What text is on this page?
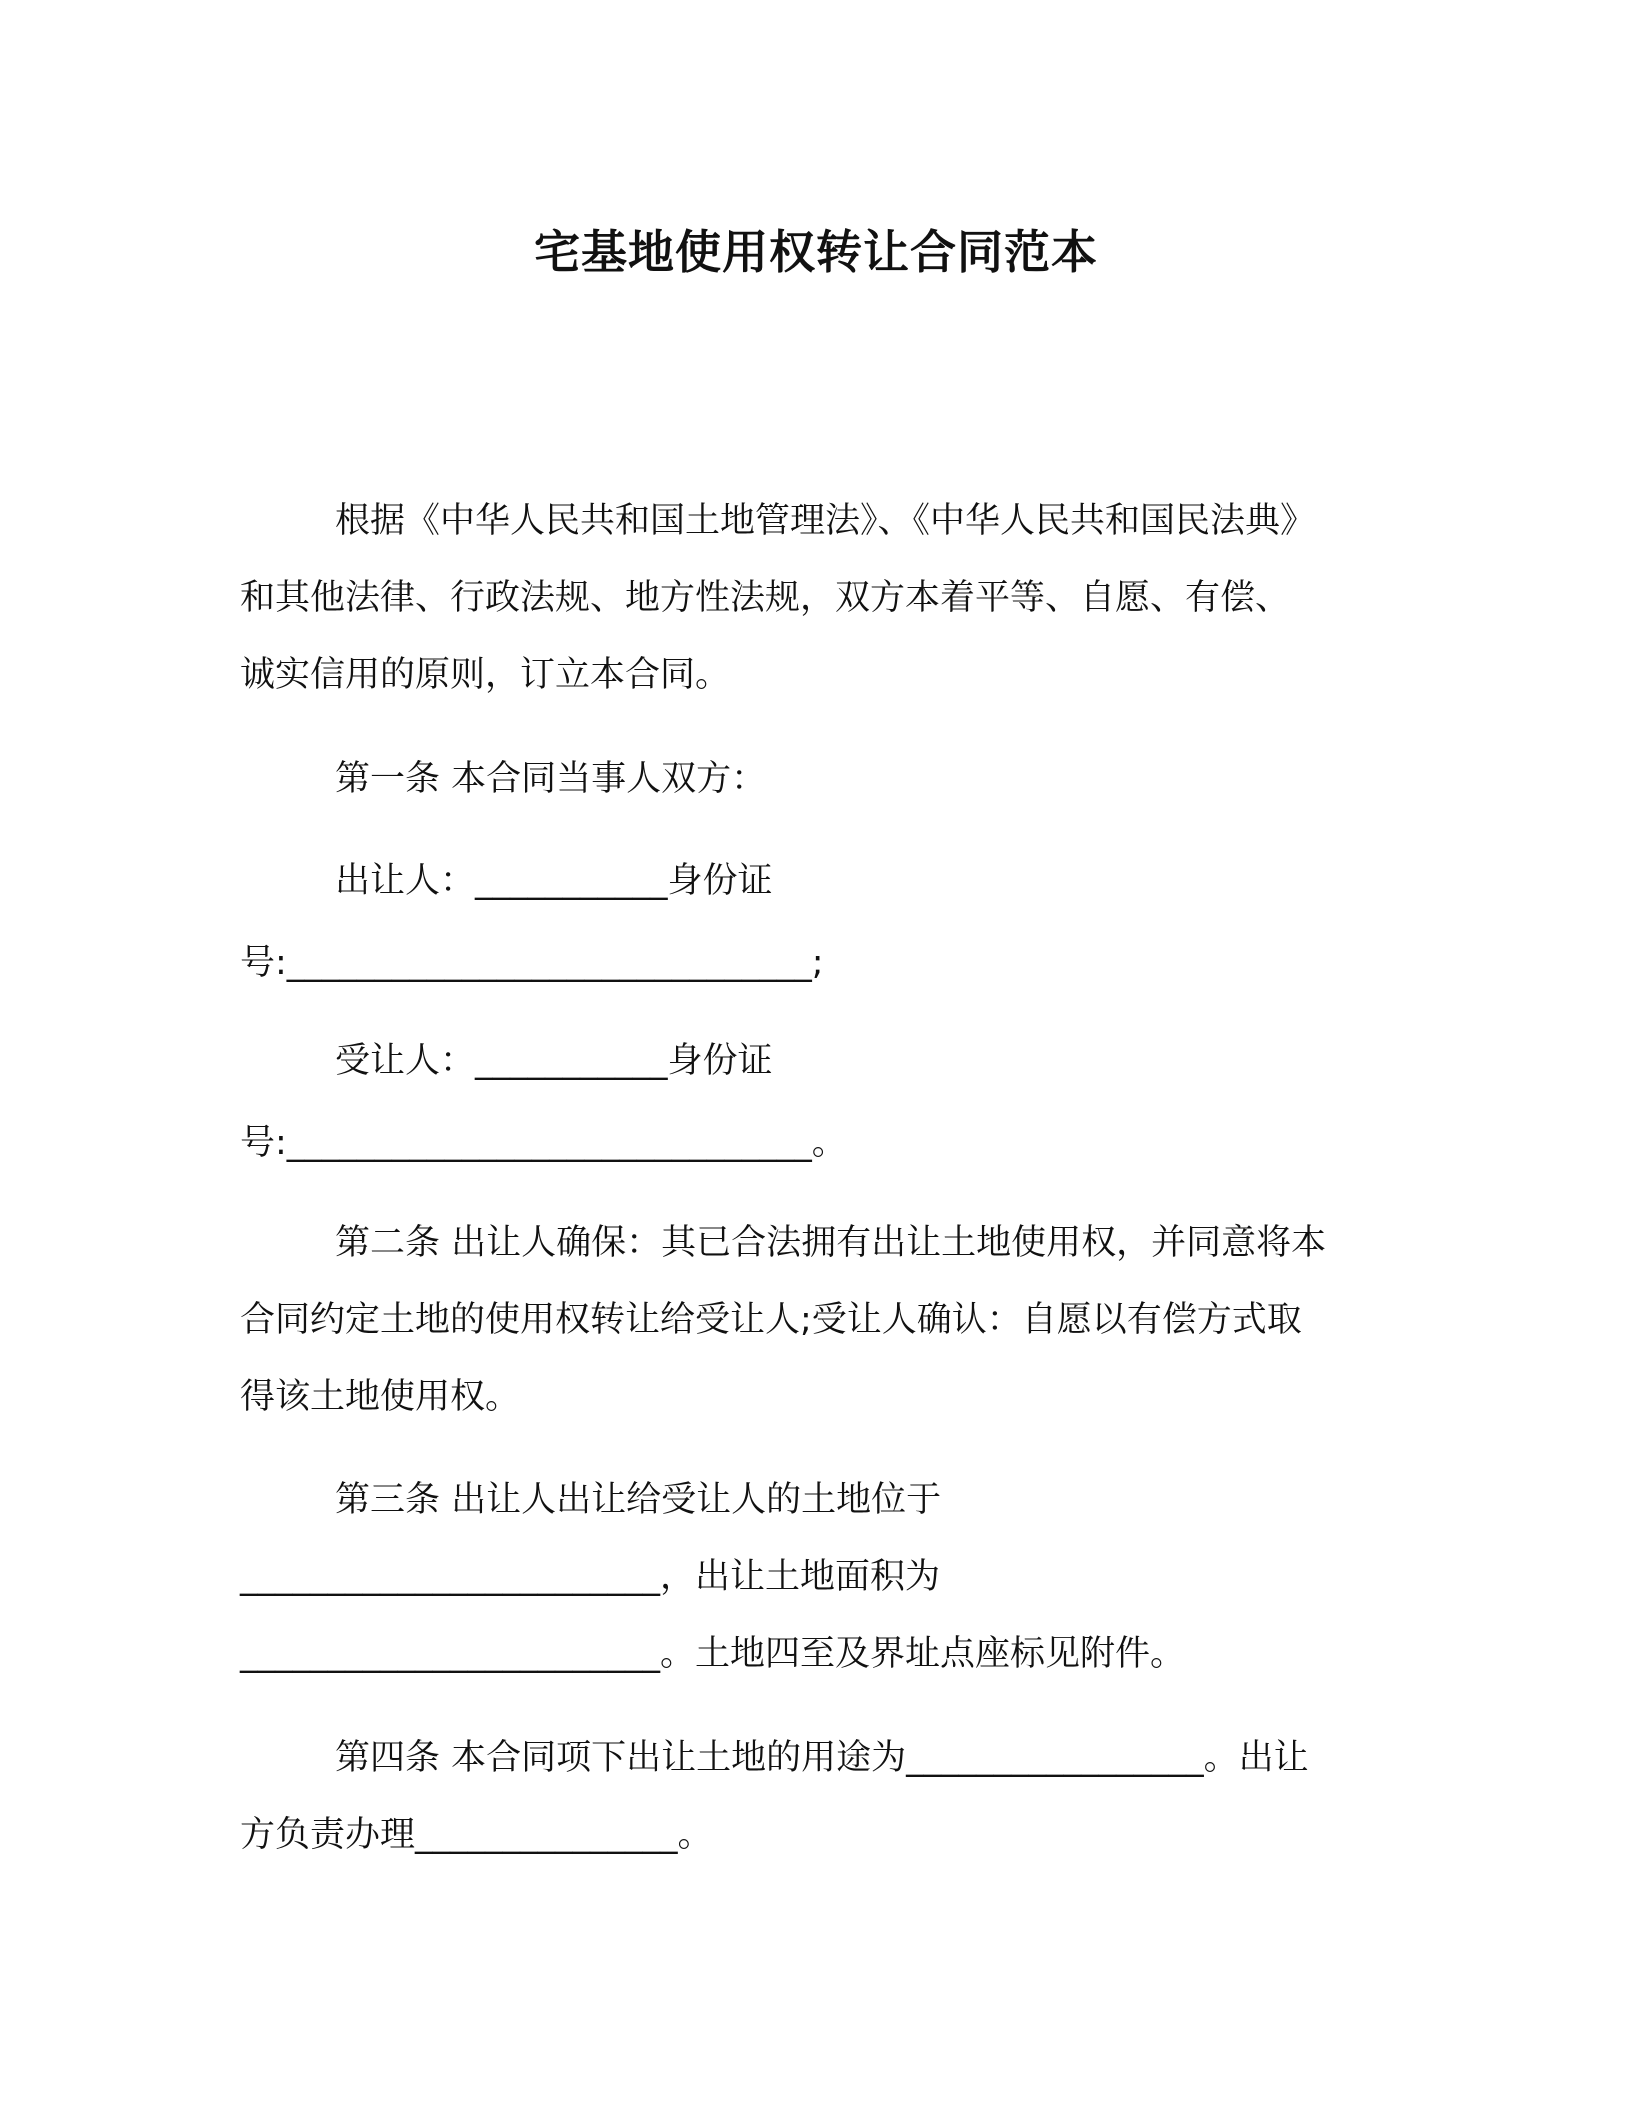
宅基地使用权转让合同范本
根据《中华人民共和国土地管理法》、《中华人民共和国民法典》
和其他法律、行政法规、地方性法规，双方本着平等、自愿、有偿、
诚实信用的原则，订立本合同。
第一条 本合同当事人双方：
出让人：___________身份证
号:______________________________;
受让人：___________身份证
号:______________________________。
第二条 出让人确保：其已合法拥有出让土地使用权，并同意将本
合同约定土地的使用权转让给受让人;受让人确认：自愿以有偿方式取
得该土地使用权。
第三条 出让人出让给受让人的土地位于
________________________，出让土地面积为
________________________。土地四至及界址点座标见附件。
第四条 本合同项下出让土地的用途为_________________。出让
方负责办理_______________。
